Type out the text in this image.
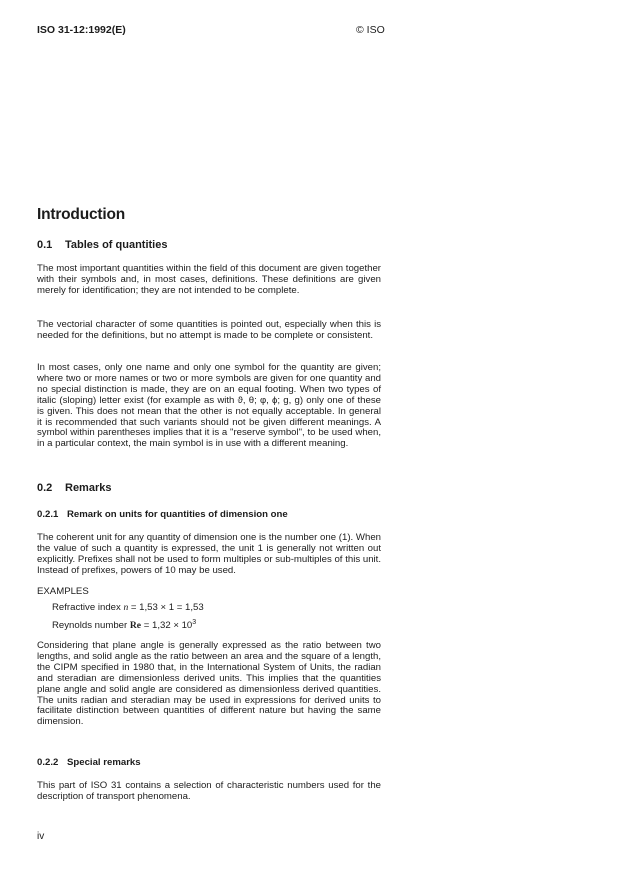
ISO 31-12:1992(E)	© ISO
Introduction
0.1 Tables of quantities

The most important quantities within the field of this document are given together with their symbols and, in most cases, definitions. These definitions are given merely for identification; they are not intended to be complete.

The vectorial character of some quantities is pointed out, especially when this is needed for the definitions, but no attempt is made to be complete or consistent.

In most cases, only one name and only one symbol for the quantity are given; where two or more names or two or more symbols are given for one quantity and no special distinction is made, they are on an equal footing. When two types of italic (sloping) letter exist (for example as with ϑ, θ; φ, ϕ; g, g) only one of these is given. This does not mean that the other is not equally acceptable. In general it is recommended that such variants should not be given different meanings. A symbol within parentheses implies that it is a "reserve symbol", to be used when, in a particular context, the main symbol is in use with a different meaning.

0.2 Remarks
0.2.1 Remark on units for quantities of dimension one

The coherent unit for any quantity of dimension one is the number one (1). When the value of such a quantity is expressed, the unit 1 is generally not written out explicitly. Prefixes shall not be used to form multiples or sub-multiples of this unit. Instead of prefixes, powers of 10 may be used.

EXAMPLES
Refractive index n = 1,53 × 1 = 1,53
Reynolds number $Re = 1,32 \times 10^3$

Considering that plane angle is generally expressed as the ratio between two lengths, and solid angle as the ratio between an area and the square of a length, the CIPM specified in 1980 that, in the International System of Units, the radian and steradian are dimensionless derived units. This implies that the quantities plane angle and solid angle are considered as dimensionless derived quantities. The units radian and steradian may be used in expressions for derived units to facilitate distinction between quantities of different nature but having the same dimension.

0.2.2 Special remarks

This part of ISO 31 contains a selection of characteristic numbers used for the description of transport phenomena.

iv
